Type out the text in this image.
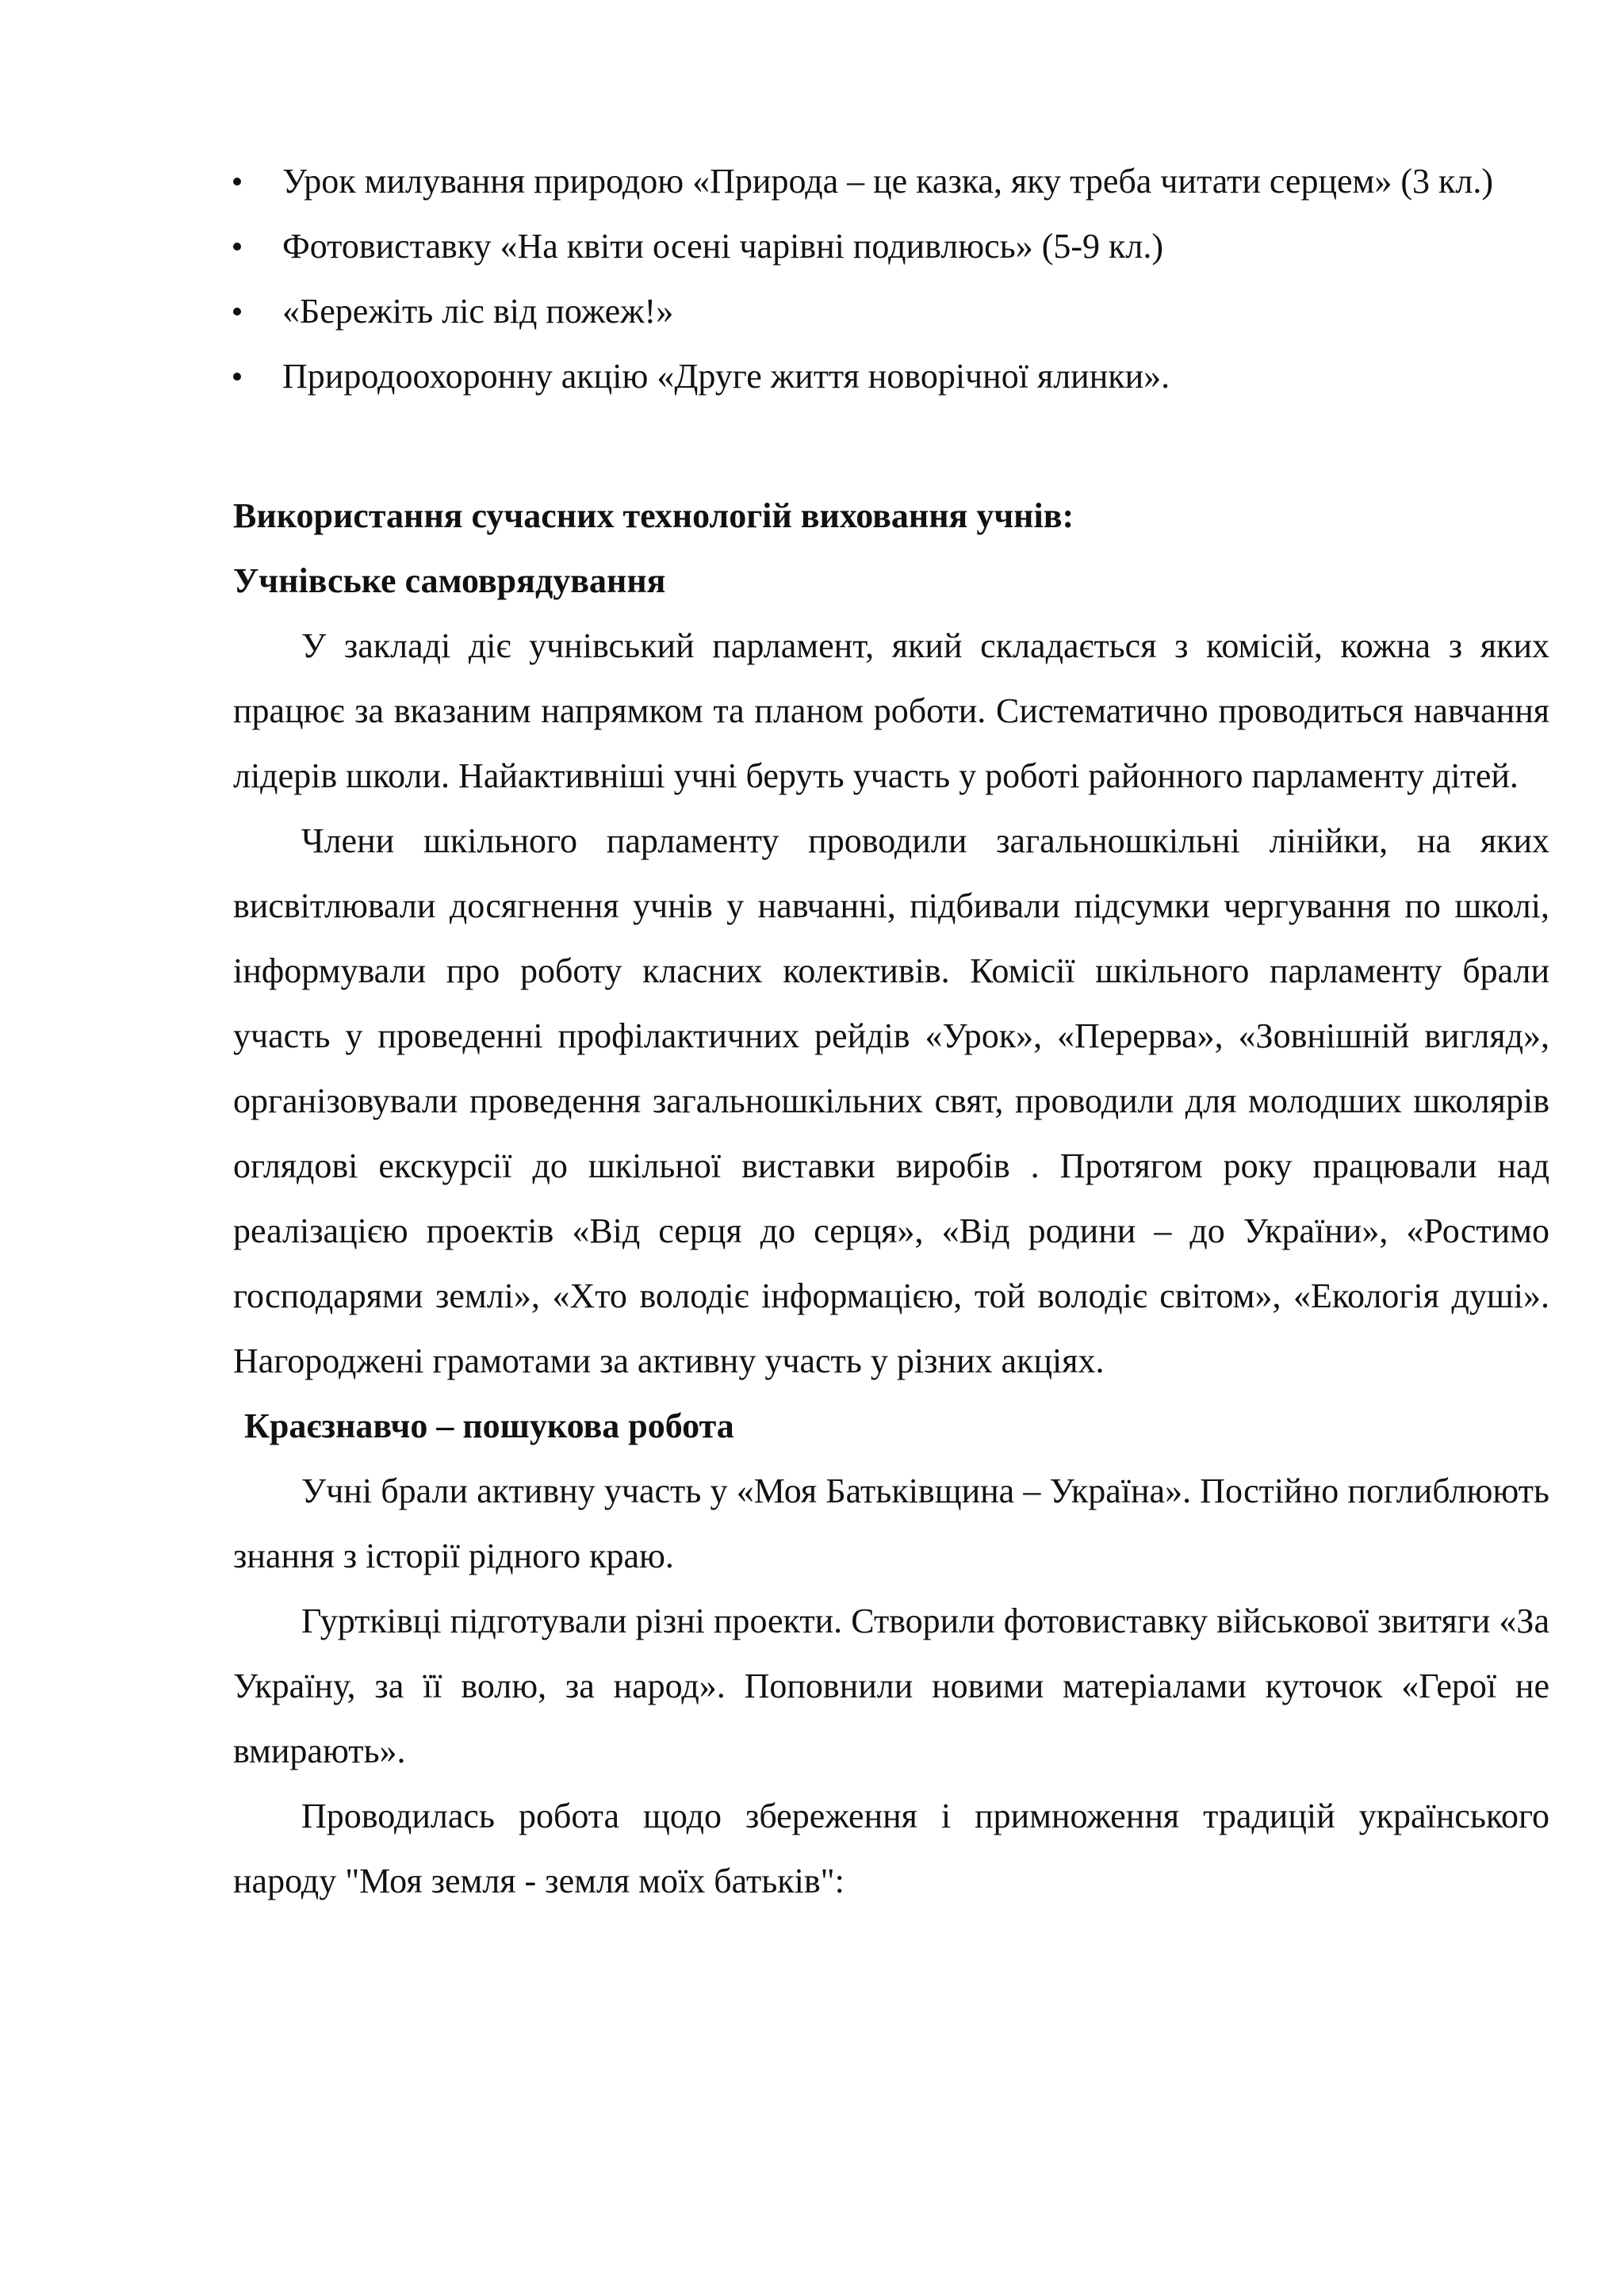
Урок милування природою «Природа – це казка, яку треба читати серцем» (3 кл.)
Фотовиставку «На квіти осені чарівні подивлюсь» (5-9 кл.)
«Бережіть ліс від пожеж!»
Природоохоронну акцію «Друге життя новорічної ялинки».
Використання сучасних технологій виховання учнів:
Учнівське самоврядування

У закладі діє учнівський парламент, який складається з комісій, кожна з яких працює за вказаним напрямком та планом роботи. Систематично проводиться навчання лідерів школи. Найактивніші учні беруть участь у роботі районного парламенту дітей.

Члени шкільного парламенту проводили загальношкільні лінійки, на яких висвітлювали досягнення учнів у навчанні, підбивали підсумки чергування по школі, інформували про роботу класних колективів. Комісії шкільного парламенту брали участь у проведенні профілактичних рейдів «Урок», «Перерва», «Зовнішній вигляд», організовували проведення загальношкільних свят, проводили для молодших школярів оглядові екскурсії до шкільної виставки виробів . Протягом року працювали над реалізацією проектів «Від серця до серця», «Від родини – до України», «Ростимо господарями землі», «Хто володіє інформацією, той володіє світом», «Екологія душі». Нагороджені грамотами за активну участь у різних акціях.

Краєзнавчо – пошукова робота

Учні брали активну участь у «Моя Батьківщина – Україна». Постійно поглиблюють знання з історії рідного краю.

Гуртківці підготували різні проекти. Створили фотовиставку військової звитяги «За Україну, за її волю, за народ». Поповнили новими матеріалами куточок «Герої не вмирають».

Проводилась робота щодо збереження і примноження традицій українського народу "Моя земля - земля моїх батьків":
